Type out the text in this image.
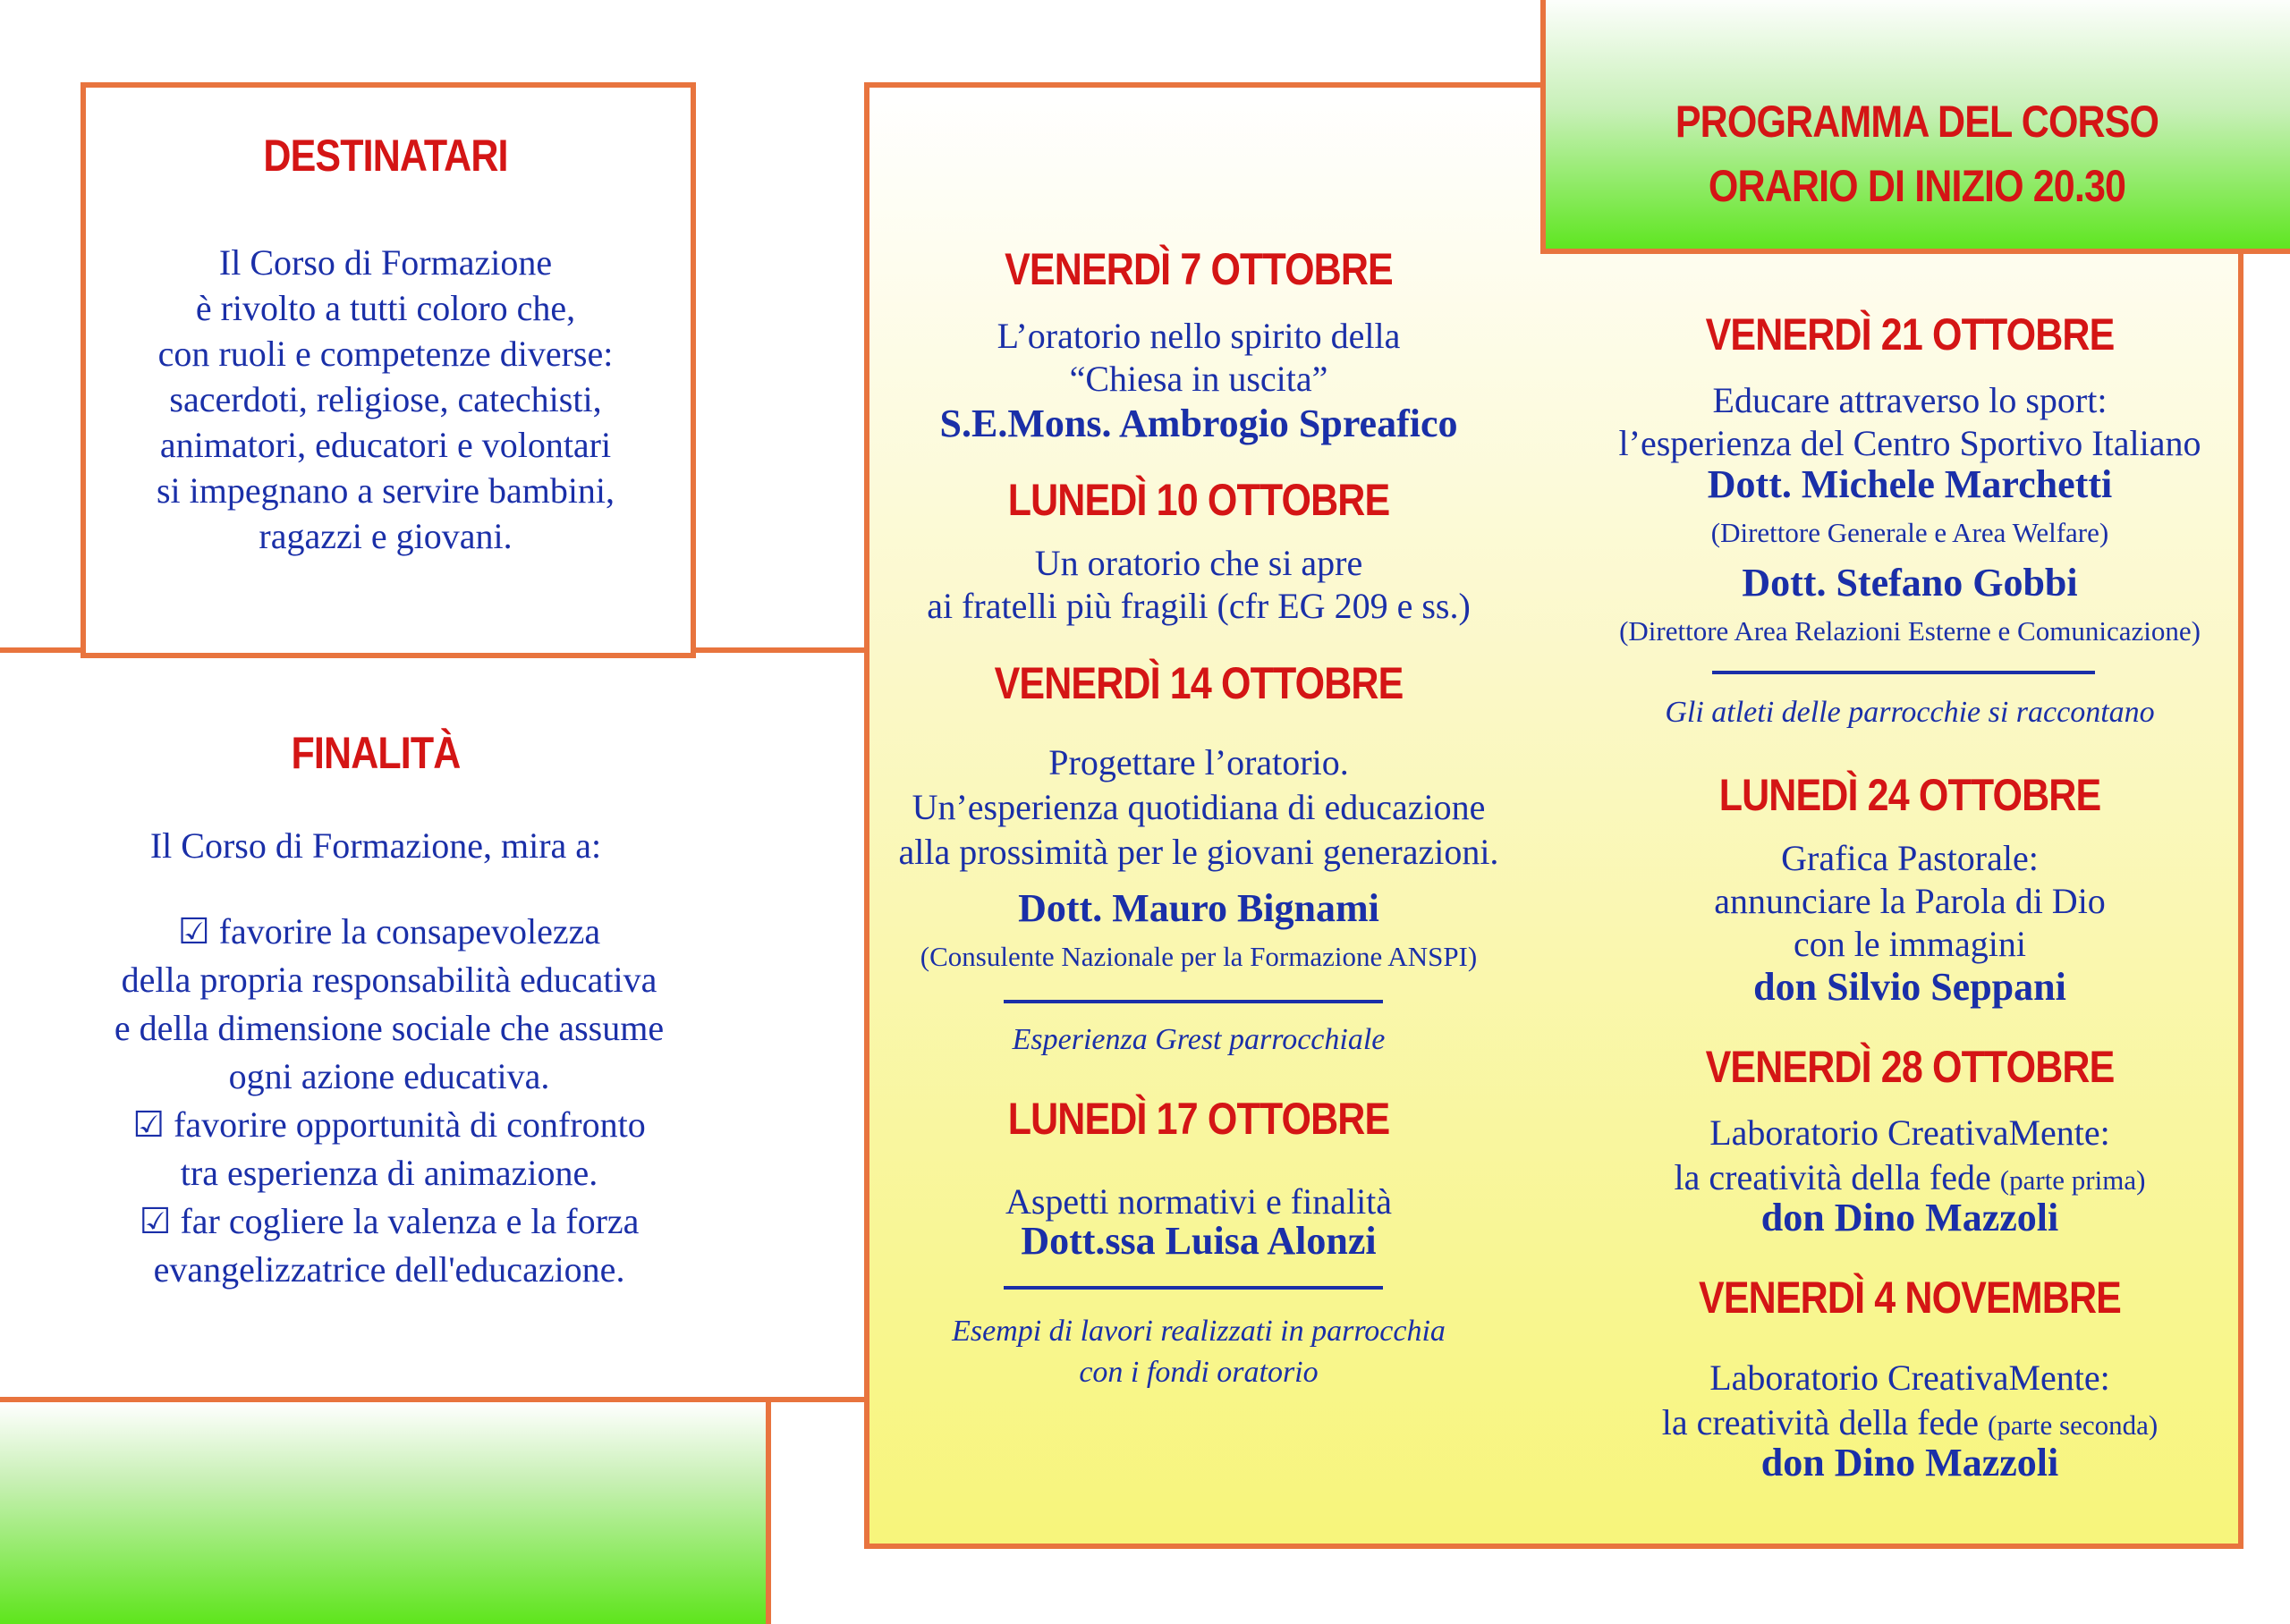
DESTINATARI
Il Corso di Formazione
è rivolto a tutti coloro che,
con ruoli e competenze diverse:
sacerdoti, religiose, catechisti,
animatori, educatori e volontari
si impegnano a servire bambini,
ragazzi e giovani.
FINALITÀ
Il Corso di Formazione, mira a:
☑ favorire la consapevolezza
della propria responsabilità educativa
e della dimensione sociale che assume
ogni azione educativa.
☑ favorire opportunità di confronto
tra esperienza di animazione.
☑ far cogliere la valenza e la forza
evangelizzatrice dell'educazione.
PROGRAMMA DEL CORSO
ORARIO DI INIZIO 20.30
VENERDÌ 7 OTTOBRE
L’oratorio nello spirito della
“Chiesa in uscita”
S.E.Mons. Ambrogio Spreafico
LUNEDÌ 10 OTTOBRE
Un oratorio che si apre
ai fratelli più fragili (cfr EG 209 e ss.)
VENERDÌ 14 OTTOBRE
Progettare l’oratorio.
Un’esperienza quotidiana di educazione
alla prossimità per le giovani generazioni.
Dott. Mauro Bignami
(Consulente Nazionale per la Formazione ANSPI)
Esperienza Grest parrocchiale
LUNEDÌ 17 OTTOBRE
Aspetti normativi e finalità
Dott.ssa Luisa Alonzi
Esempi di lavori realizzati in parrocchia
con i fondi oratorio
VENERDÌ 21 OTTOBRE
Educare attraverso lo sport:
l’esperienza del Centro Sportivo Italiano
Dott. Michele Marchetti
(Direttore Generale e Area Welfare)
Dott. Stefano Gobbi
(Direttore Area Relazioni Esterne e Comunicazione)
Gli atleti delle parrocchie si raccontano
LUNEDÌ 24 OTTOBRE
Grafica Pastorale:
annunciare la Parola di Dio
con le immagini
don Silvio Seppani
VENERDÌ 28 OTTOBRE
Laboratorio CreativaMente:
la creatività della fede (parte prima)
don Dino Mazzoli
VENERDÌ 4 NOVEMBRE
Laboratorio CreativaMente:
la creatività della fede (parte seconda)
don Dino Mazzoli
